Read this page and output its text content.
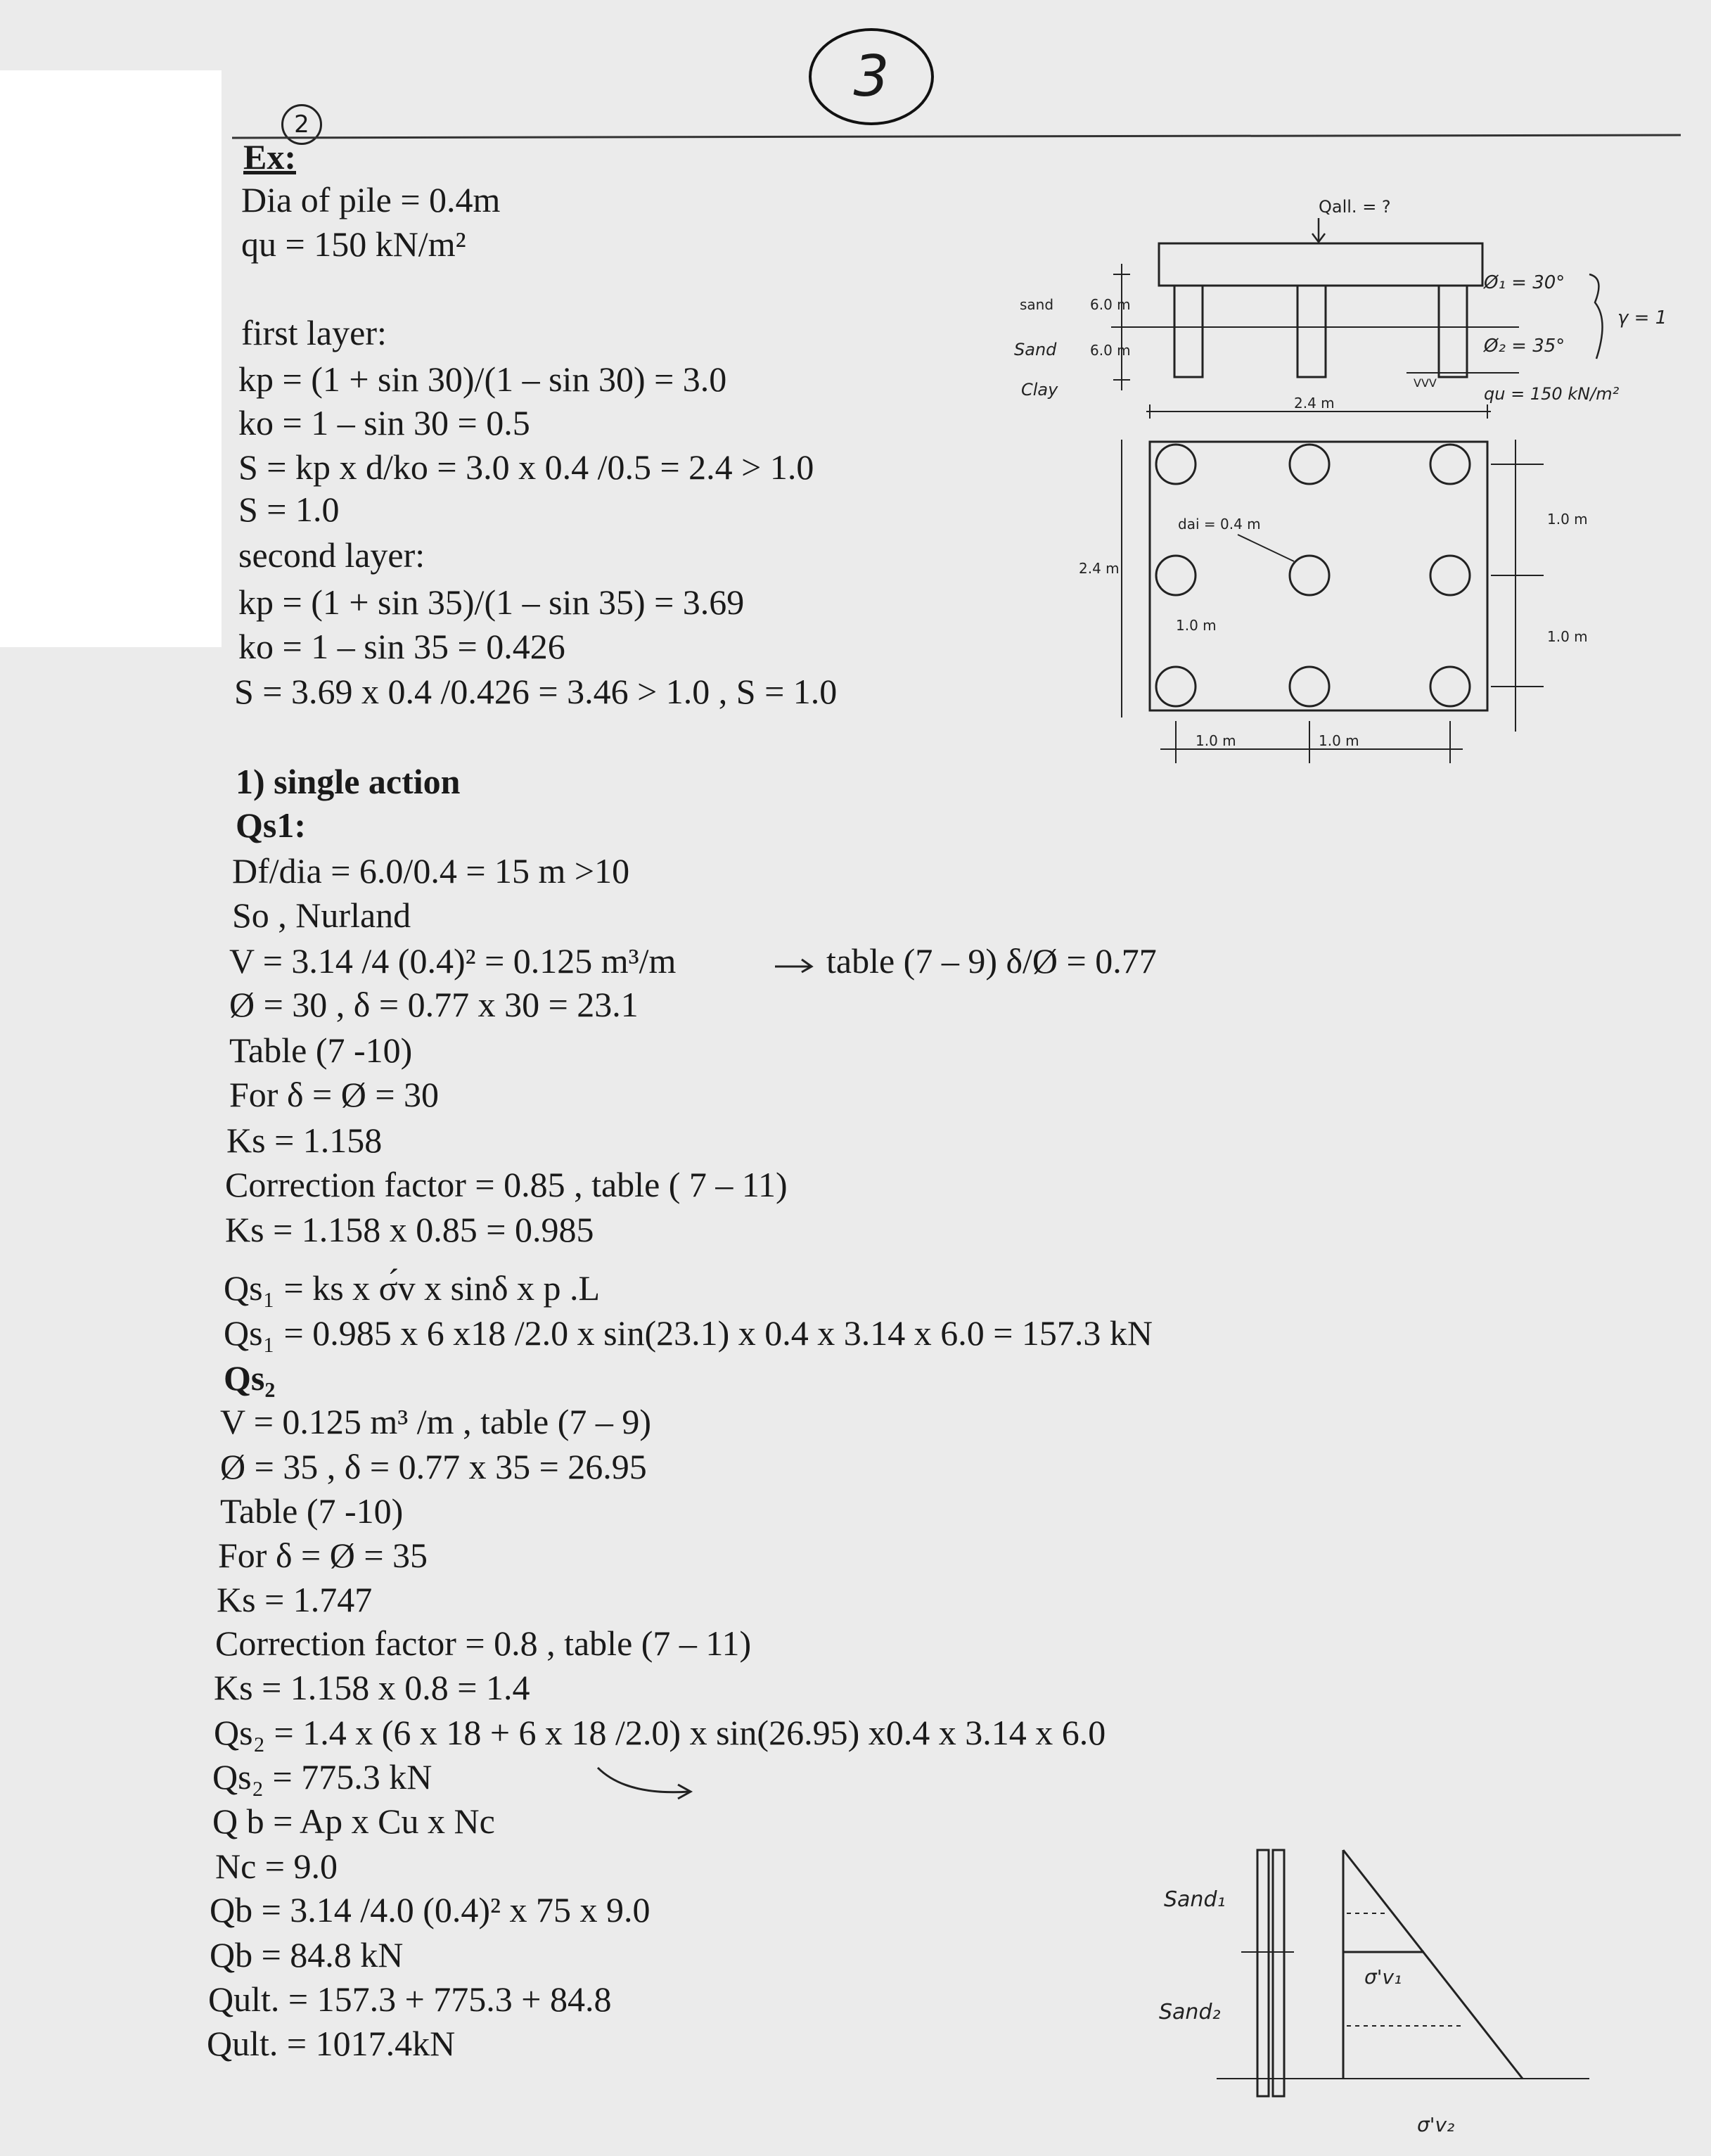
3
2
Ex:
Dia of pile = 0.4m
qu = 150 kN/m²
first layer:
kp = (1 + sin 30)/(1 – sin 30) = 3.0
ko = 1 – sin 30 = 0.5
S = kp x d/ko = 3.0 x 0.4 /0.5 = 2.4 > 1.0
S = 1.0
second layer:
kp = (1 + sin 35)/(1 – sin 35) = 3.69
ko = 1 – sin 35 = 0.426
S = 3.69 x 0.4 /0.426 = 3.46 > 1.0 , S = 1.0
1) single action
Qs1:
Df/dia = 6.0/0.4 = 15 m >10
So , Nurland
V = 3.14 /4 (0.4)² = 0.125 m³/m	table (7 – 9) δ/Ø = 0.77
Ø = 30 , δ = 0.77 x 30 = 23.1
Table (7 -10)
For δ = Ø = 30
Ks = 1.158
Correction factor = 0.85 , table ( 7 – 11)
Ks = 1.158 x 0.85 = 0.985
Qs₁ = ks x σ́v x sinδ x p .L
Qs₁ = 0.985 x 6 x18 /2.0 x sin(23.1) x 0.4 x 3.14 x 6.0 = 157.3 kN
Qs₂
V = 0.125 m³ /m , table (7 – 9)
Ø = 35 , δ = 0.77 x 35 = 26.95
Table (7 -10)
For δ = Ø = 35
Ks = 1.747
Correction factor = 0.8 , table (7 – 11)
Ks = 1.158 x 0.8 = 1.4
Qs₂ = 1.4 x (6 x 18 + 6 x 18 /2.0) x sin(26.95) x0.4 x 3.14 x 6.0
Qs₂ = 775.3 kN
Q b = Ap x Cu x Nc
Nc = 9.0
Qb = 3.14 /4.0 (0.4)² x 75 x 9.0
Qb = 84.8 kN
Qult. = 157.3 + 775.3 + 84.8
Qult. = 1017.4kN
Qall. = ?
sand	6.0 m
Sand 6.0 m
Clay
Ø₁ = 30°
Ø₂ = 35°
γ = 1
qu = 150 kN/m²
VVV
2.4 m
2.4 m
dai = 0.4 m
1.0 m
1.0 m
1.0 m
1.0 m	1.0 m
Sand₁
Sand₂
σ'v₁
σ'v₂
